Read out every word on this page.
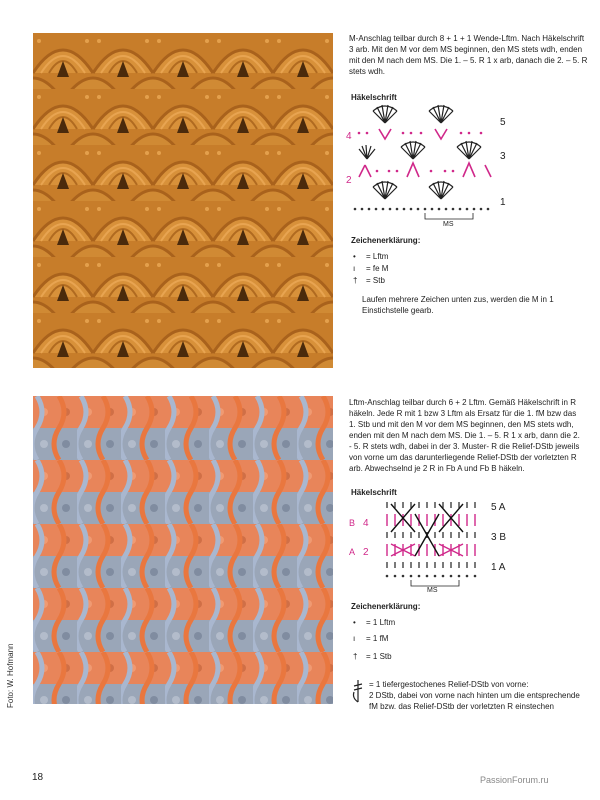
M-Anschlag teilbar durch 8 + 1 + 1 Wende-Lftm. Nach Häkelschrift 3 arb. Mit den M vor dem MS beginnen, den MS stets wdh, enden mit den M nach dem MS. Die 1. – 5. R 1 x arb, danach die 2. – 5. R stets wdh.
Häkelschrift
5
4
3
2
1
MS
Zeichenerklärung:
• = Lftm
ı = fe M
† = Stb
Laufen mehrere Zeichen unten zus, werden die M in 1 Einstichstelle gearb.
Foto: W. Hofmann
Lftm-Anschlag teilbar durch 6 + 2 Lftm. Gemäß Häkelschrift in R häkeln. Jede R mit 1 bzw 3 Lftm als Ersatz für die 1. fM bzw das 1. Stb und mit den M vor dem MS beginnen, den MS stets wdh, enden mit den M nach dem MS. Die 1. – 5. R 1 x arb, dann die 2. - 5. R stets wdh, dabei in der 3. Muster- R die Relief-DStb jeweils von vorne um das darunterliegende Relief-DStb der vorletzten R arb. Abwechselnd je 2 R in Fb A und Fb B häkeln.
Häkelschrift
5 A
4
3 B
2
1 A
B
A
MS
Zeichenerklärung:
• = 1 Lftm
ı = 1 fM
† = 1 Stb
= 1 tiefergestochenes Relief-DStb von vorne:
2 DStb, dabei von vorne nach hinten um die entsprechende fM bzw. das Relief-DStb der vorletzten R einstechen
18	PassionForum.ru
